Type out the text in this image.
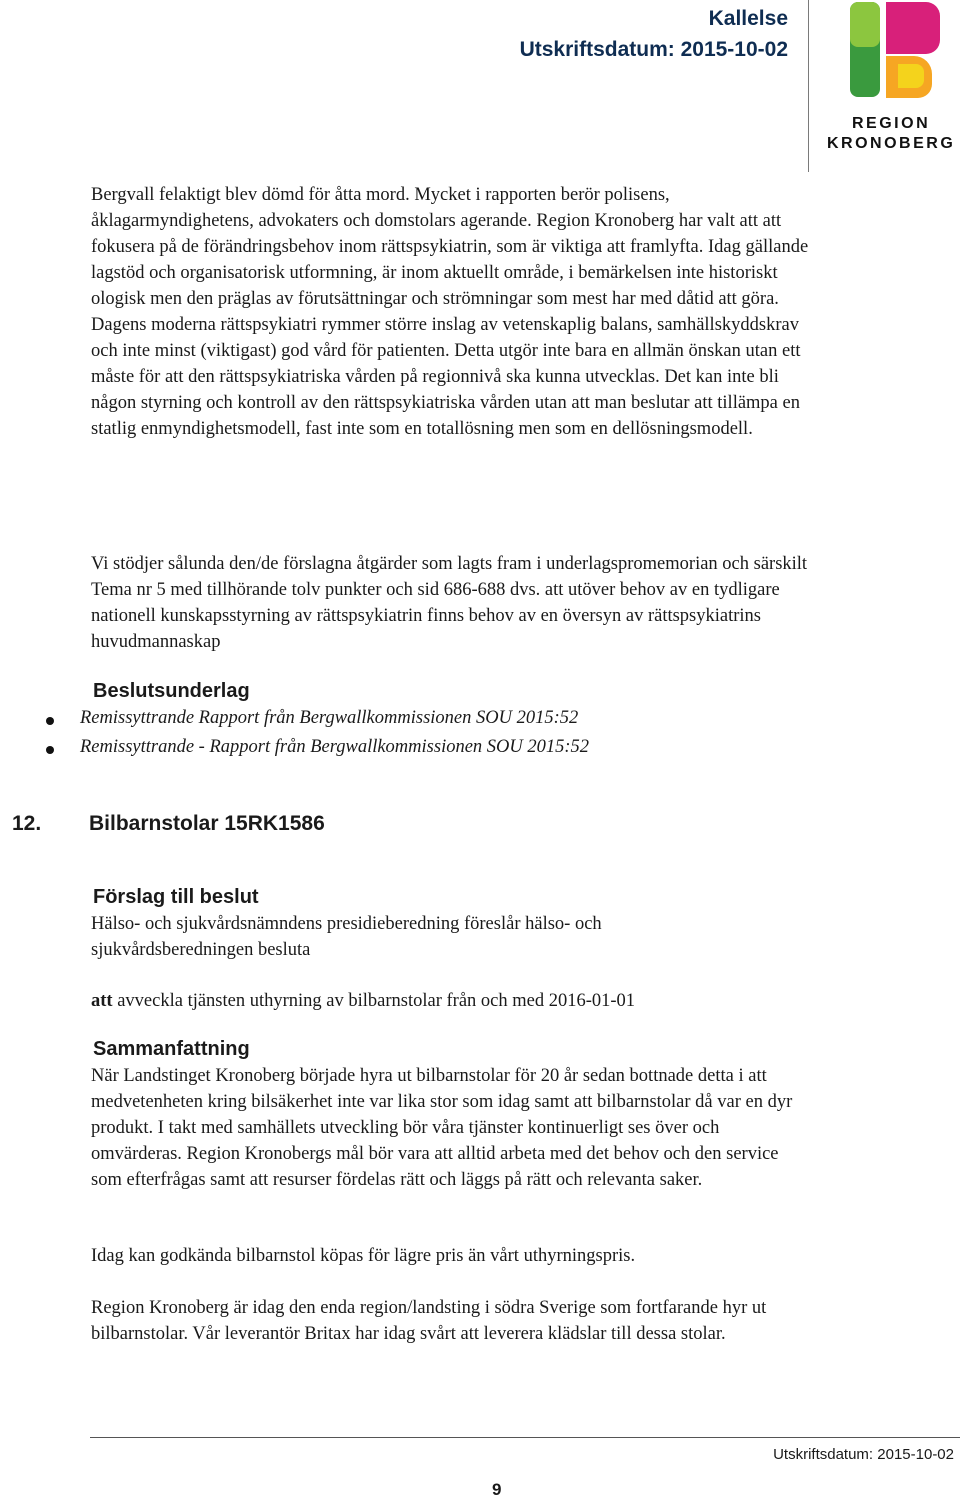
Kallelse
Utskriftsdatum: 2015-10-02
REGION
KRONOBERG

Bergvall felaktigt blev dömd för åtta mord. Mycket i rapporten berör polisens, åklagarmyndighetens, advokaters och domstolars agerande. Region Kronoberg har valt att att fokusera på de förändringsbehov inom rättspsykiatrin, som är viktiga att framlyfta. Idag gällande lagstöd och organisatorisk utformning, är inom aktuellt område, i bemärkelsen inte historiskt ologisk men den präglas av förutsättningar och strömningar som mest har med dåtid att göra. Dagens moderna rättspsykiatri rymmer större inslag av vetenskaplig balans, samhällskyddskrav och inte minst (viktigast) god vård för patienten. Detta utgör inte bara en allmän önskan utan ett måste för att den rättspsykiatriska vården på regionnivå ska kunna utvecklas. Det kan inte bli någon styrning och kontroll av den rättspsykiatriska vården utan att man beslutar att tillämpa en statlig enmyndighetsmodell, fast inte som en totallösning men som en dellösningsmodell.

Vi stödjer sålunda den/de förslagna åtgärder som lagts fram i underlagspromemorian och särskilt Tema nr 5 med tillhörande tolv punkter och sid 686-688 dvs. att utöver behov av en tydligare nationell kunskapsstyrning av rättspsykiatrin finns behov av en översyn av rättspsykiatrins huvudmannaskap

Beslutsunderlag
Remissyttrande Rapport från Bergwallkommissionen SOU 2015:52
Remissyttrande - Rapport från Bergwallkommissionen SOU 2015:52
12. Bilbarnstolar 15RK1586
Förslag till beslut

Hälso- och sjukvårdsnämndens presidieberedning föreslår hälso- och sjukvårdsberedningen besluta

att avveckla tjänsten uthyrning av bilbarnstolar från och med 2016-01-01

Sammanfattning

När Landstinget Kronoberg började hyra ut bilbarnstolar för 20 år sedan bottnade detta i att medvetenheten kring bilsäkerhet inte var lika stor som idag samt att bilbarnstolar då var en dyr produkt. I takt med samhällets utveckling bör våra tjänster kontinuerligt ses över och omvärderas. Region Kronobergs mål bör vara att alltid arbeta med det behov och den service som efterfrågas samt att resurser fördelas rätt och läggs på rätt och relevanta saker.

Idag kan godkända bilbarnstol köpas för lägre pris än vårt uthyrningspris.

Region Kronoberg är idag den enda region/landsting i södra Sverige som fortfarande hyr ut bilbarnstolar. Vår leverantör Britax har idag svårt att leverera klädslar till dessa stolar.

Utskriftsdatum: 2015-10-02
9
